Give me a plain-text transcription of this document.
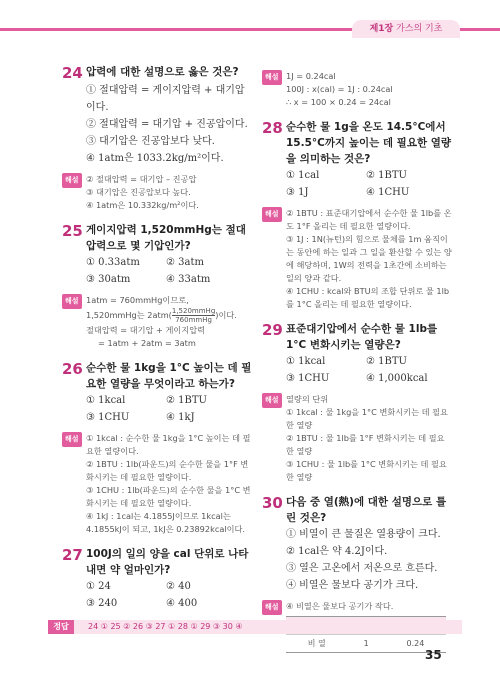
제1장 가스의 기초
24 압력에 대한 설명으로 옳은 것은?
① 절대압력 = 게이지압력 + 대기압이다.
② 절대압력 = 대기압 + 진공압이다.
③ 대기압은 진공압보다 낮다.
④ 1atm은 1033.2kg/m²이다.
해설 ② 절대압력 = 대기압 – 진공압

③ 대기압은 진공압보다 높다.

④ 1atm은 10.332kg/m²이다.

25 게이지압력 1,520mmHg는 절대압력으로 몇 기압인가?
① 0.33atm	② 3atm
③ 30atm	④ 33atm
해설 1atm = 760mmHg이므로,

1,520mmHg는 $2atm( \frac{\text{1,520mmHg}}{\text{760mmHg}})$이다.

절대압력 = 대기압 + 게이지압력

= 1atm + 2atm = 3atm

26 순수한 물 1kg을 1°C 높이는 데 필요한 열량을 무엇이라고 하는가?
① 1kcal	② 1BTU
③ 1CHU	④ 1kJ
해설 ① 1kcal : 순수한 물 1kg을 1°C 높이는 데 필요한 열량이다.

② 1BTU : 1lb(파운드)의 순수한 물을 1°F 변화시키는 데 필요한 열량이다.

③ 1CHU : 1lb(파운드)의 순수한 물을 1°C 변화시키는 데 필요한 열량이다.

④ 1kJ : 1cal는 4.1855J이므로 1kcal는 4.1855kJ이 되고, 1kJ은 0.23892kcal이다.

27 100J의 일의 양을 cal 단위로 나타내면 약 얼마인가?
① 24	② 40
③ 240	④ 400
해설 1J = 0.24cal

100J : x(cal) = 1J : 0.24cal

∴ x = 100 × 0.24 = 24cal

28 순수한 물 1g을 온도 14.5°C에서 15.5°C까지 높이는 데 필요한 열량을 의미하는 것은?
① 1cal	② 1BTU
③ 1J	④ 1CHU
해설 ② 1BTU : 표준대기압에서 순수한 물 1lb를 온도 1°F 올리는 데 필요한 열량이다.

③ 1J : 1N(뉴턴)의 힘으로 물체를 1m 움직이는 동안에 하는 일과 그 일을 환산할 수 있는 양에 해당하며, 1W의 전력을 1초간에 소비하는 일의 양과 같다.

④ 1CHU : kcal와 BTU의 조합 단위로 물 1lb를 1°C 올리는 데 필요한 열량이다.

29 표준대기압에서 순수한 물 1lb를 1°C 변화시키는 열량은?
① 1kcal	② 1BTU
③ 1CHU	④ 1,000kcal
해설 열량의 단위

① 1kcal : 물 1kg을 1°C 변화시키는 데 필요한 열량

② 1BTU : 물 1lb를 1°F 변화시키는 데 필요한 열량

③ 1CHU : 물 1lb를 1°C 변화시키는 데 필요한 열량

30 다음 중 열(熱)에 대한 설명으로 틀린 것은?
① 비열이 큰 물질은 열용량이 크다.
② 1cal은 약 4.2J이다.
③ 열은 고온에서 저온으로 흐른다.
④ 비열은 물보다 공기가 크다.
해설 ④ 비열은 물보다 공기가 작다.

비 열	1	0.24
정답	24 ① 25 ② 26 ③ 27 ① 28 ① 29 ③ 30 ④
35
